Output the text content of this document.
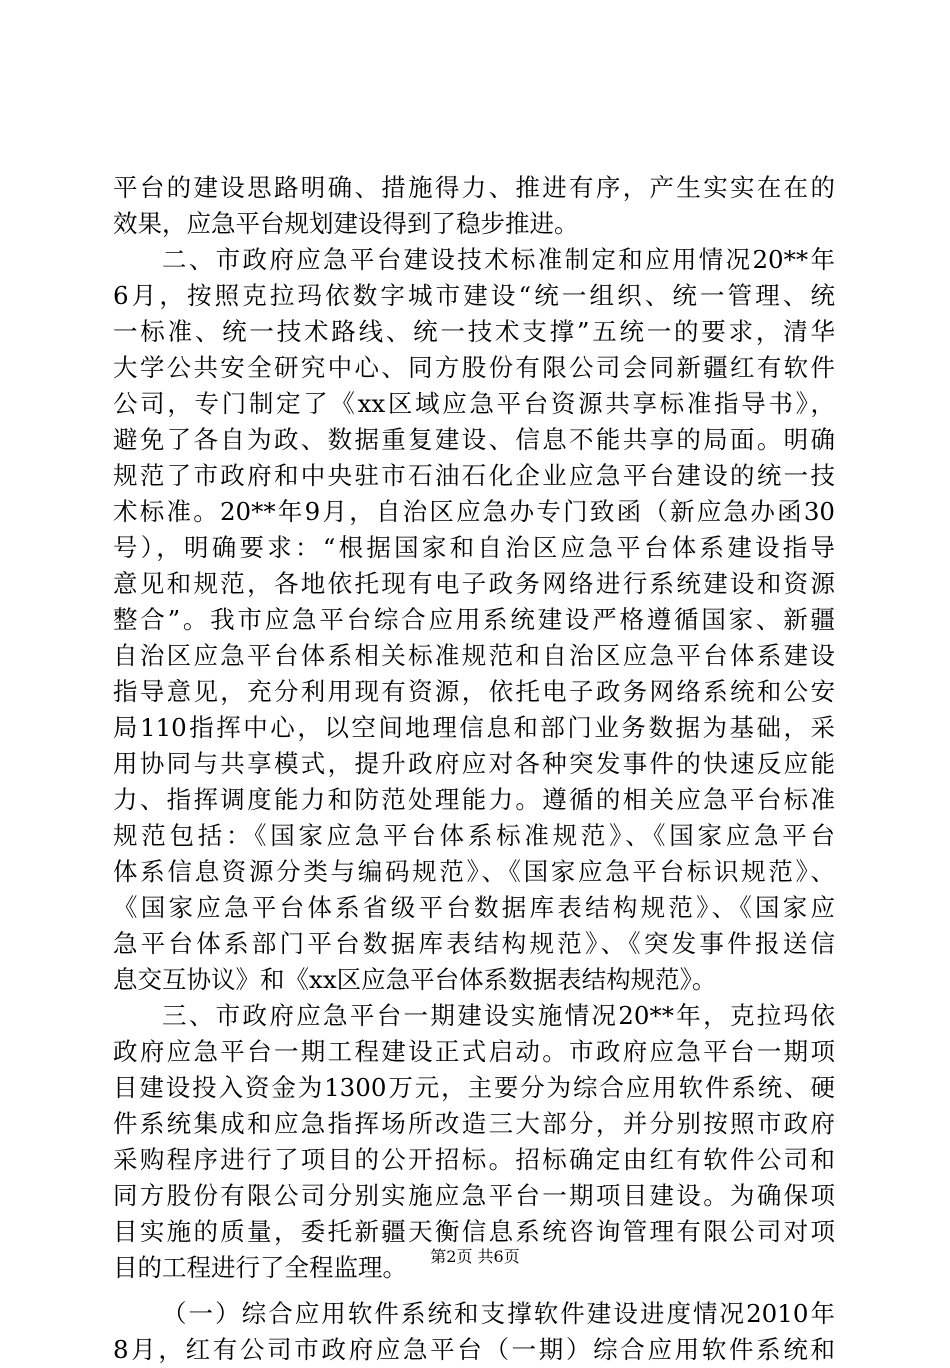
平台的建设思路明确、措施得力、推进有序，产生实实在在的
效果，应急平台规划建设得到了稳步推进。
二、市政府应急平台建设技术标准制定和应用情况20**年
6月，按照克拉玛依数字城市建设“统一组织、统一管理、统
一标准、统一技术路线、统一技术支撑”五统一的要求，清华
大学公共安全研究中心、同方股份有限公司会同新疆红有软件
公司，专门制定了《xx区域应急平台资源共享标准指导书》，
避免了各自为政、数据重复建设、信息不能共享的局面。明确
规范了市政府和中央驻市石油石化企业应急平台建设的统一技
术标准。20**年9月，自治区应急办专门致函（新应急办函30
号），明确要求：“根据国家和自治区应急平台体系建设指导
意见和规范，各地依托现有电子政务网络进行系统建设和资源
整合”。我市应急平台综合应用系统建设严格遵循国家、新疆
自治区应急平台体系相关标准规范和自治区应急平台体系建设
指导意见，充分利用现有资源，依托电子政务网络系统和公安
局110指挥中心，以空间地理信息和部门业务数据为基础，采
用协同与共享模式，提升政府应对各种突发事件的快速反应能
力、指挥调度能力和防范处理能力。遵循的相关应急平台标准
规范包括：《国家应急平台体系标准规范》、《国家应急平台
体系信息资源分类与编码规范》、《国家应急平台标识规范》、
《国家应急平台体系省级平台数据库表结构规范》、《国家应
急平台体系部门平台数据库表结构规范》、《突发事件报送信
息交互协议》和《xx区应急平台体系数据表结构规范》。
三、市政府应急平台一期建设实施情况20**年，克拉玛依
政府应急平台一期工程建设正式启动。市政府应急平台一期项
目建设投入资金为1300万元，主要分为综合应用软件系统、硬
件系统集成和应急指挥场所改造三大部分，并分别按照市政府
采购程序进行了项目的公开招标。招标确定由红有软件公司和
同方股份有限公司分别实施应急平台一期项目建设。为确保项
目实施的质量，委托新疆天衡信息系统咨询管理有限公司对项
目的工程进行了全程监理。
（一）综合应用软件系统和支撑软件建设进度情况2010年
8月，红有公司市政府应急平台（一期）综合应用软件系统和
第2页 共6页
